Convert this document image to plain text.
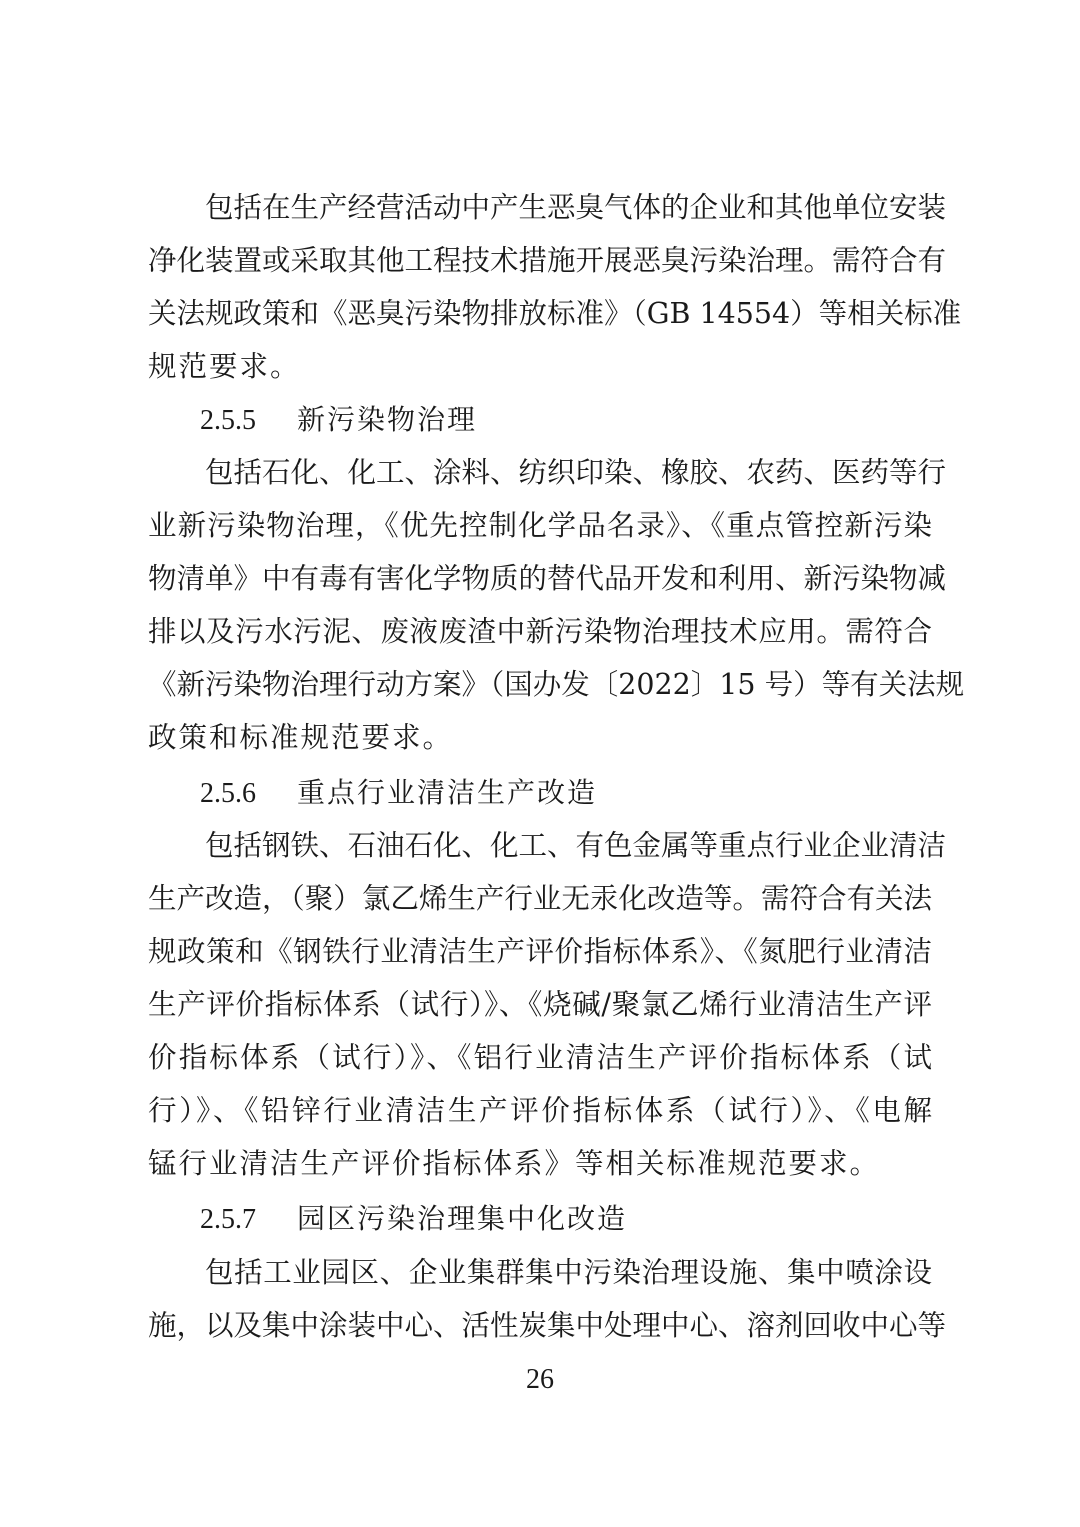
包括在生产经营活动中产生恶臭气体的企业和其他单位安装
净化装置或采取其他工程技术措施开展恶臭污染治理。需符合有
关法规政策和《恶臭污染物排放标准》（GB 14554）等相关标准
规范要求。
2.5.5 新污染物治理
包括石化、化工、涂料、纺织印染、橡胶、农药、医药等行
业新污染物治理，《优先控制化学品名录》、《重点管控新污染
物清单》中有毒有害化学物质的替代品开发和利用、新污染物减
排以及污水污泥、废液废渣中新污染物治理技术应用。需符合
《新污染物治理行动方案》（国办发〔2022〕15 号）等有关法规
政策和标准规范要求。
2.5.6 重点行业清洁生产改造
包括钢铁、石油石化、化工、有色金属等重点行业企业清洁
生产改造，（聚）氯乙烯生产行业无汞化改造等。需符合有关法
规政策和《钢铁行业清洁生产评价指标体系》、《氮肥行业清洁
生产评价指标体系（试行）》、《烧碱/聚氯乙烯行业清洁生产评
价指标体系（试行）》、《铝行业清洁生产评价指标体系（试
行）》、《铅锌行业清洁生产评价指标体系（试行）》、《电解
锰行业清洁生产评价指标体系》等相关标准规范要求。
2.5.7 园区污染治理集中化改造
包括工业园区、企业集群集中污染治理设施、集中喷涂设
施，以及集中涂装中心、活性炭集中处理中心、溶剂回收中心等
26
